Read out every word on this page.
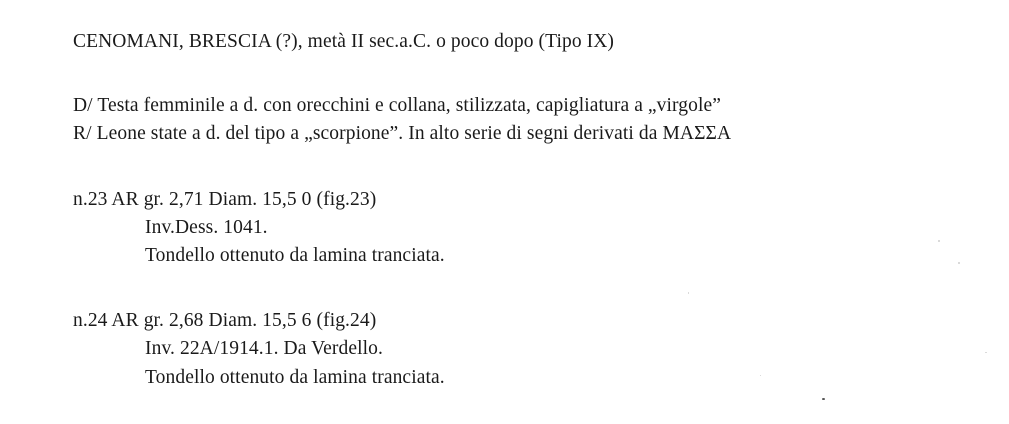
CENOMANI, BRESCIA (?), metà II sec.a.C. o poco dopo (Tipo IX)
D/ Testa femminile a d. con orecchini e collana, stilizzata, capigliatura a „virgole”
R/ Leone state a d. del tipo a „scorpione”. In alto serie di segni derivati da ΜΑΣΣΑ
n.23 AR gr. 2,71 Diam. 15,5 0 (fig.23)
Inv.Dess. 1041.
Tondello ottenuto da lamina tranciata.
n.24 AR gr. 2,68 Diam. 15,5 6 (fig.24)
Inv. 22A/1914.1. Da Verdello.
Tondello ottenuto da lamina tranciata.
